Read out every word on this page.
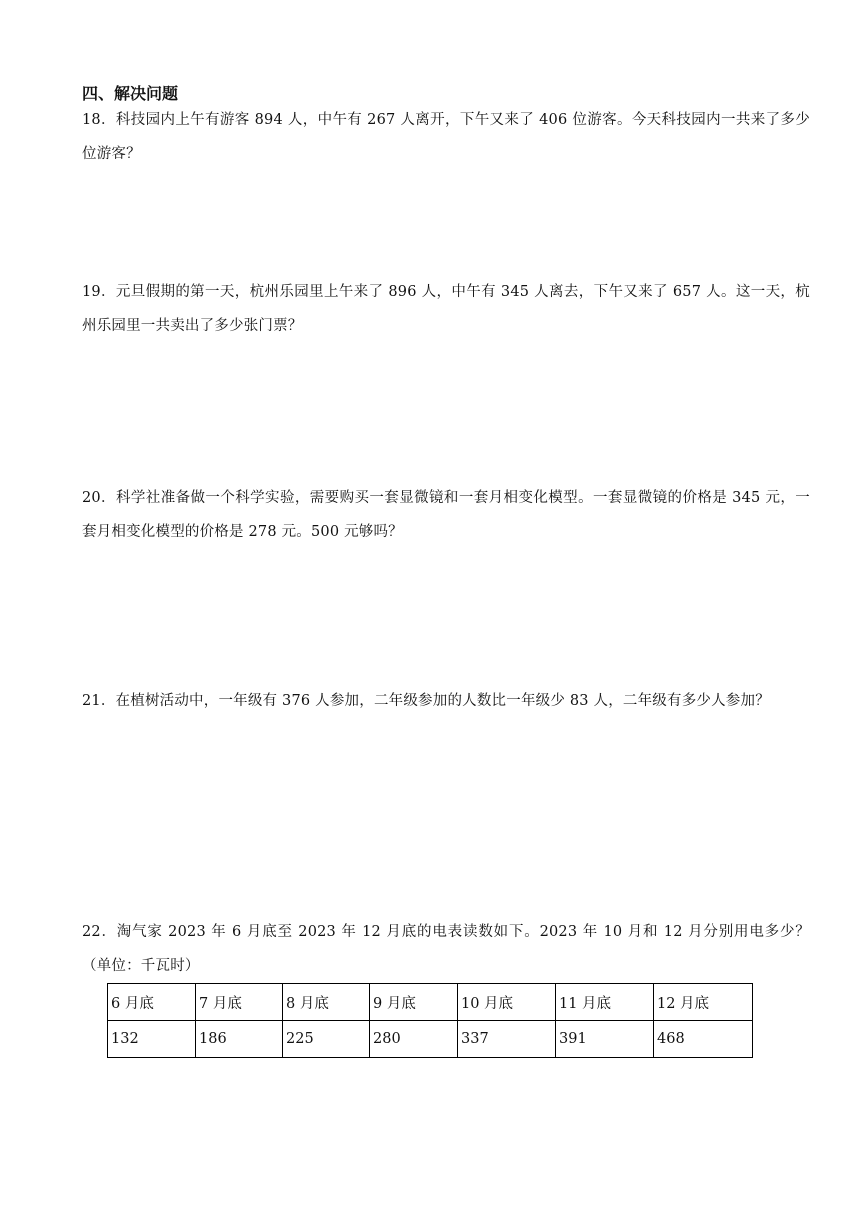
四、解决问题

18．科技园内上午有游客 894 人，中午有 267 人离开，下午又来了 406 位游客。今天科技园内一共来了多少位游客？

19．元旦假期的第一天，杭州乐园里上午来了 896 人，中午有 345 人离去，下午又来了 657 人。这一天，杭州乐园里一共卖出了多少张门票？

20．科学社准备做一个科学实验，需要购买一套显微镜和一套月相变化模型。一套显微镜的价格是 345 元，一套月相变化模型的价格是 278 元。500 元够吗？

21．在植树活动中，一年级有 376 人参加，二年级参加的人数比一年级少 83 人，二年级有多少人参加？

22．淘气家 2023 年 6 月底至 2023 年 12 月底的电表读数如下。2023 年 10 月和 12 月分别用电多少？（单位：千瓦时）

6 月底	7 月底	8 月底	9 月底	10 月底	11 月底	12 月底
132	186	225	280	337	391	468
